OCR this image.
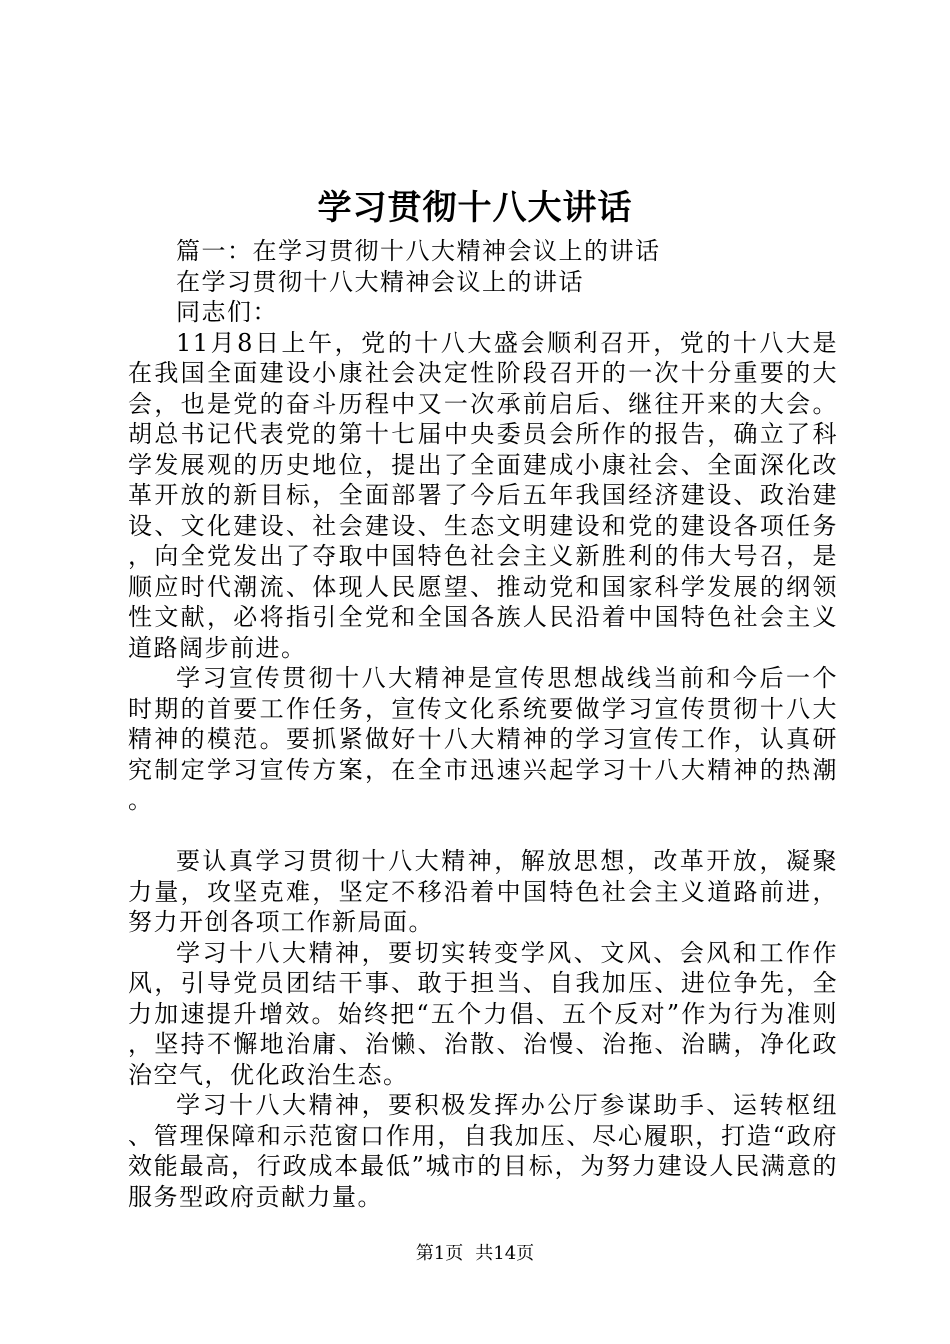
学习贯彻十八大讲话

篇一：在学习贯彻十八大精神会议上的讲话

在学习贯彻十八大精神会议上的讲话

同志们：

11月8日上午，党的十八大盛会顺利召开，党的十八大是在我国全面建设小康社会决定性阶段召开的一次十分重要的大会，也是党的奋斗历程中又一次承前启后、继往开来的大会。胡总书记代表党的第十七届中央委员会所作的报告，确立了科学发展观的历史地位，提出了全面建成小康社会、全面深化改革开放的新目标，全面部署了今后五年我国经济建设、政治建设、文化建设、社会建设、生态文明建设和党的建设各项任务，向全党发出了夺取中国特色社会主义新胜利的伟大号召，是顺应时代潮流、体现人民愿望、推动党和国家科学发展的纲领性文献，必将指引全党和全国各族人民沿着中国特色社会主义道路阔步前进。

学习宣传贯彻十八大精神是宣传思想战线当前和今后一个时期的首要工作任务，宣传文化系统要做学习宣传贯彻十八大精神的模范。要抓紧做好十八大精神的学习宣传工作，认真研究制定学习宣传方案，在全市迅速兴起学习十八大精神的热潮。

要认真学习贯彻十八大精神，解放思想，改革开放，凝聚力量，攻坚克难，坚定不移沿着中国特色社会主义道路前进，努力开创各项工作新局面。

学习十八大精神，要切实转变学风、文风、会风和工作作风，引导党员团结干事、敢于担当、自我加压、进位争先，全力加速提升增效。始终把“五个力倡、五个反对”作为行为准则，坚持不懈地治庸、治懒、治散、治慢、治拖、治瞒，净化政治空气，优化政治生态。

学习十八大精神，要积极发挥办公厅参谋助手、运转枢纽、管理保障和示范窗口作用，自我加压、尽心履职，打造“政府效能最高，行政成本最低”城市的目标，为努力建设人民满意的服务型政府贡献力量。

第1页 共14页
